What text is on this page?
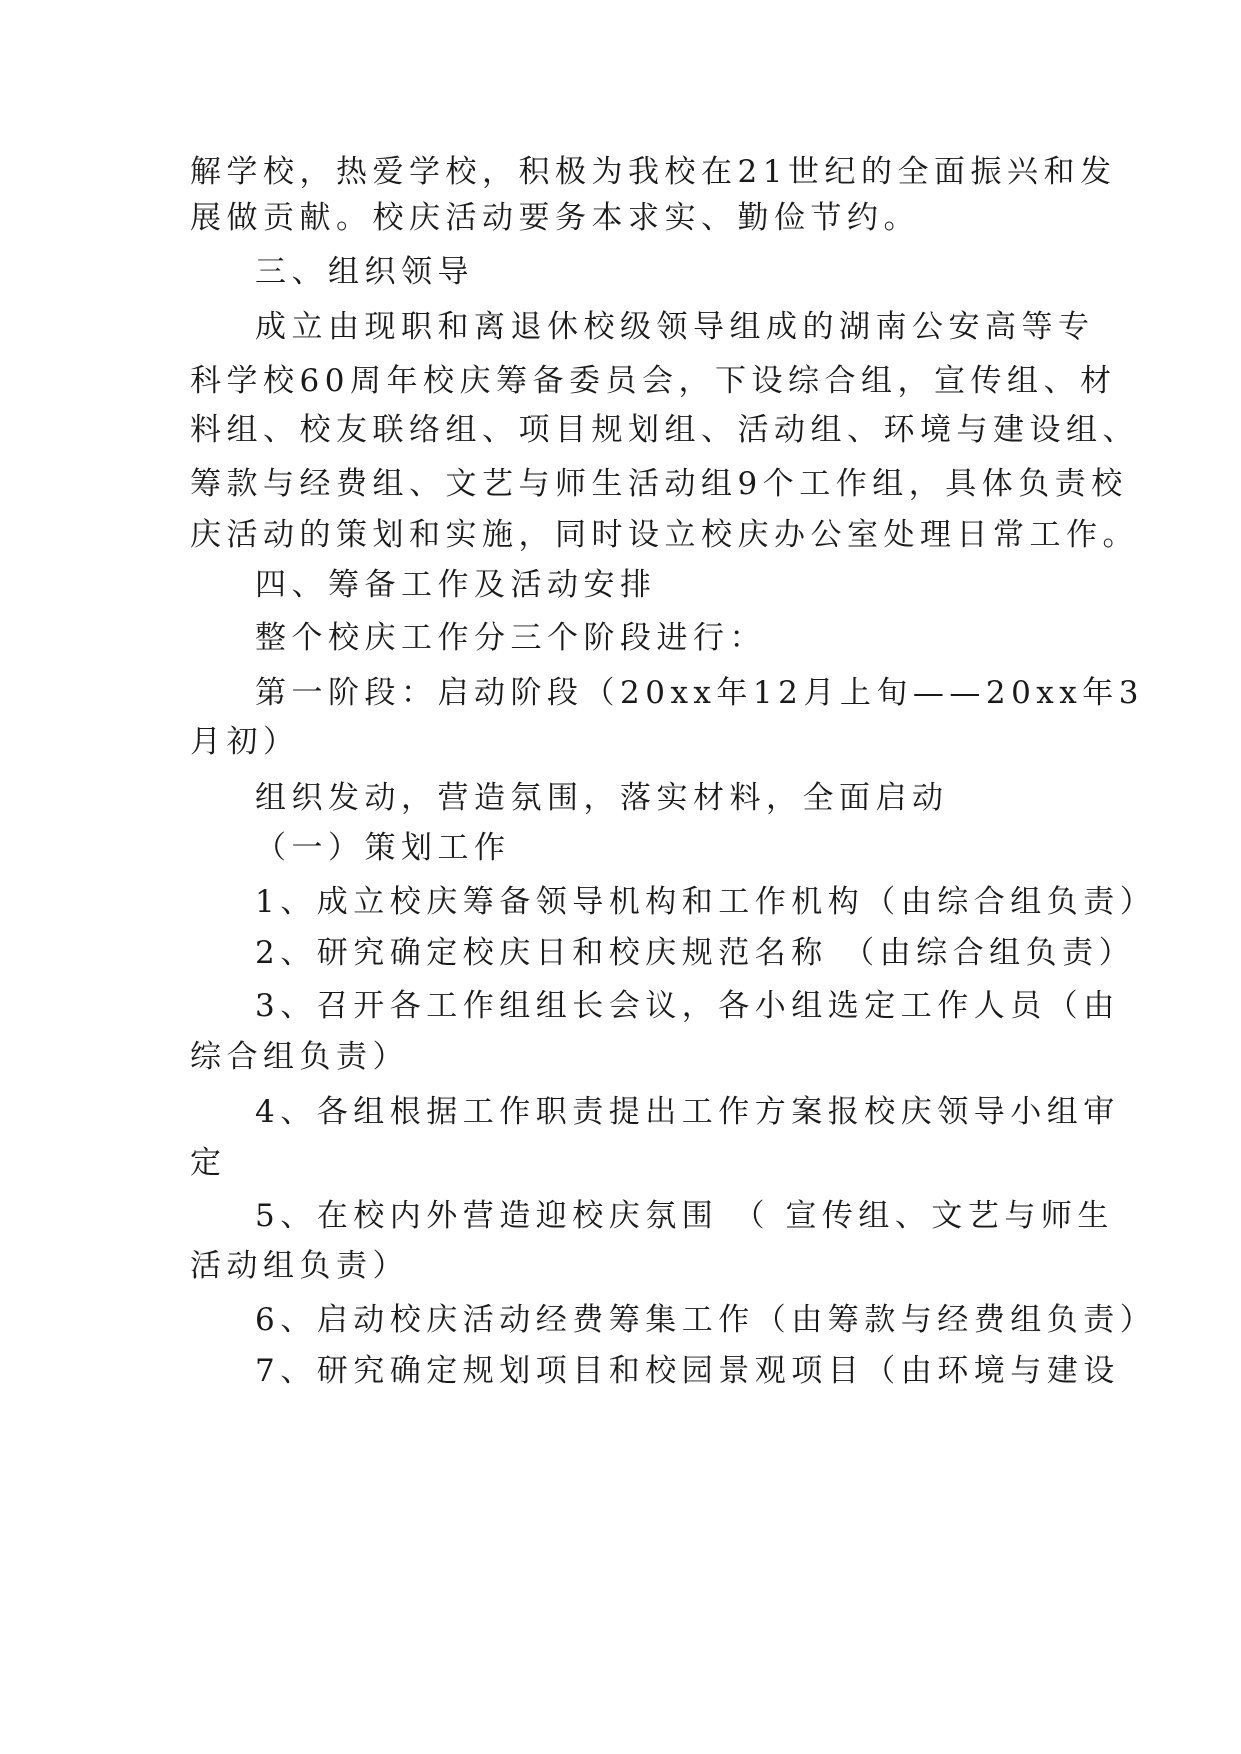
解学校，热爱学校，积极为我校在21世纪的全面振兴和发
展做贡献。校庆活动要务本求实、勤俭节约。
三、组织领导
成立由现职和离退休校级领导组成的湖南公安高等专
科学校60周年校庆筹备委员会，下设综合组，宣传组、材
料组、校友联络组、项目规划组、活动组、环境与建设组、
筹款与经费组、文艺与师生活动组9个工作组，具体负责校
庆活动的策划和实施，同时设立校庆办公室处理日常工作。
四、筹备工作及活动安排
整个校庆工作分三个阶段进行：
第一阶段：启动阶段（20xx年12月上旬——20xx年3
月初）
组织发动，营造氛围，落实材料，全面启动
（一）策划工作
1、成立校庆筹备领导机构和工作机构（由综合组负责）
2、研究确定校庆日和校庆规范名称 （由综合组负责）
3、召开各工作组组长会议，各小组选定工作人员（由
综合组负责）
4、各组根据工作职责提出工作方案报校庆领导小组审
定
5、在校内外营造迎校庆氛围 （ 宣传组、文艺与师生
活动组负责）
6、启动校庆活动经费筹集工作（由筹款与经费组负责）
7、研究确定规划项目和校园景观项目（由环境与建设
